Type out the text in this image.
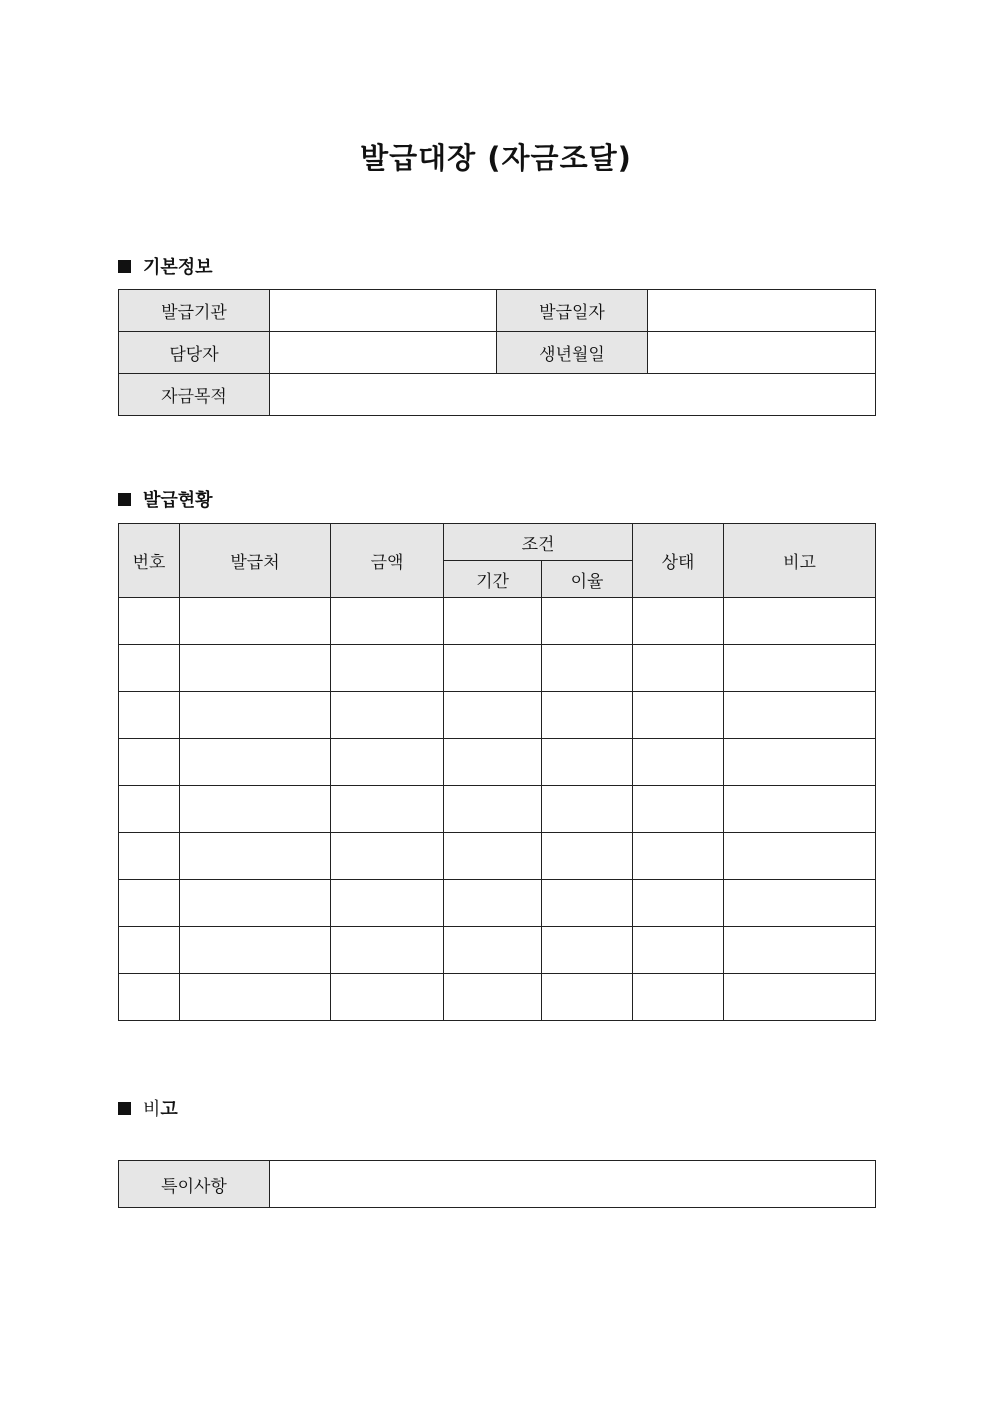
발급대장 (자금조달)
기본정보
발급기관		발급일자	
담당자		생년월일	
자금목적			
발급현황
번호	발급처	금액	조건		상태	비고
			기간	이율		

비 고
특이사항	
